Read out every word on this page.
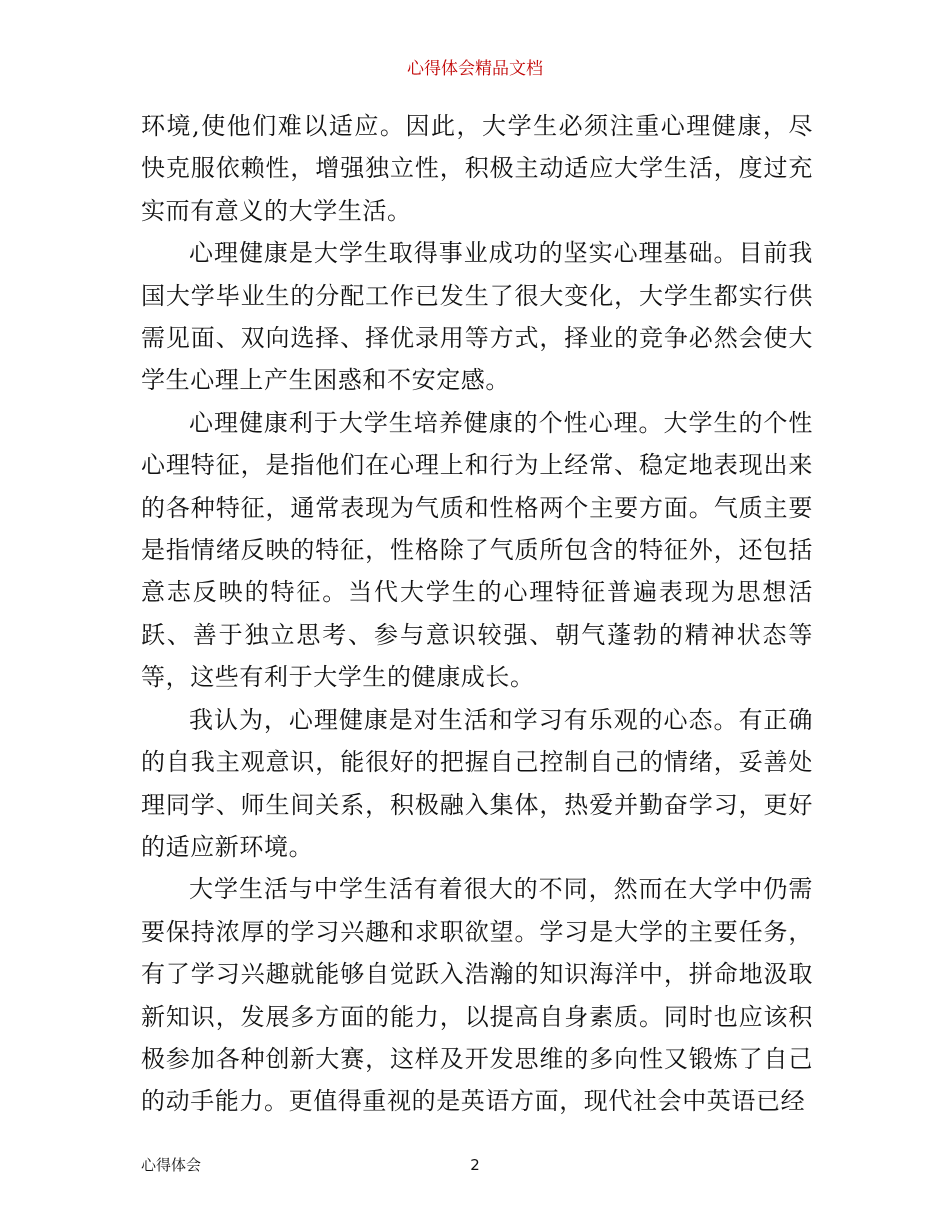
心得体会精品文档

环境,使他们难以适应。因此，大学生必须注重心理健康，尽快克服依赖性，增强独立性，积极主动适应大学生活，度过充实而有意义的大学生活。

心理健康是大学生取得事业成功的坚实心理基础。目前我国大学毕业生的分配工作已发生了很大变化，大学生都实行供需见面、双向选择、择优录用等方式，择业的竞争必然会使大学生心理上产生困惑和不安定感。

心理健康利于大学生培养健康的个性心理。大学生的个性心理特征，是指他们在心理上和行为上经常、稳定地表现出来的各种特征，通常表现为气质和性格两个主要方面。气质主要是指情绪反映的特征，性格除了气质所包含的特征外，还包括意志反映的特征。当代大学生的心理特征普遍表现为思想活跃、善于独立思考、参与意识较强、朝气蓬勃的精神状态等等，这些有利于大学生的健康成长。

我认为，心理健康是对生活和学习有乐观的心态。有正确的自我主观意识，能很好的把握自己控制自己的情绪，妥善处理同学、师生间关系，积极融入集体，热爱并勤奋学习，更好的适应新环境。

大学生活与中学生活有着很大的不同，然而在大学中仍需要保持浓厚的学习兴趣和求职欲望。学习是大学的主要任务，有了学习兴趣就能够自觉跃入浩瀚的知识海洋中，拼命地汲取新知识，发展多方面的能力，以提高自身素质。同时也应该积极参加各种创新大赛，这样及开发思维的多向性又锻炼了自己的动手能力。更值得重视的是英语方面，现代社会中英语已经

心得体会	2
